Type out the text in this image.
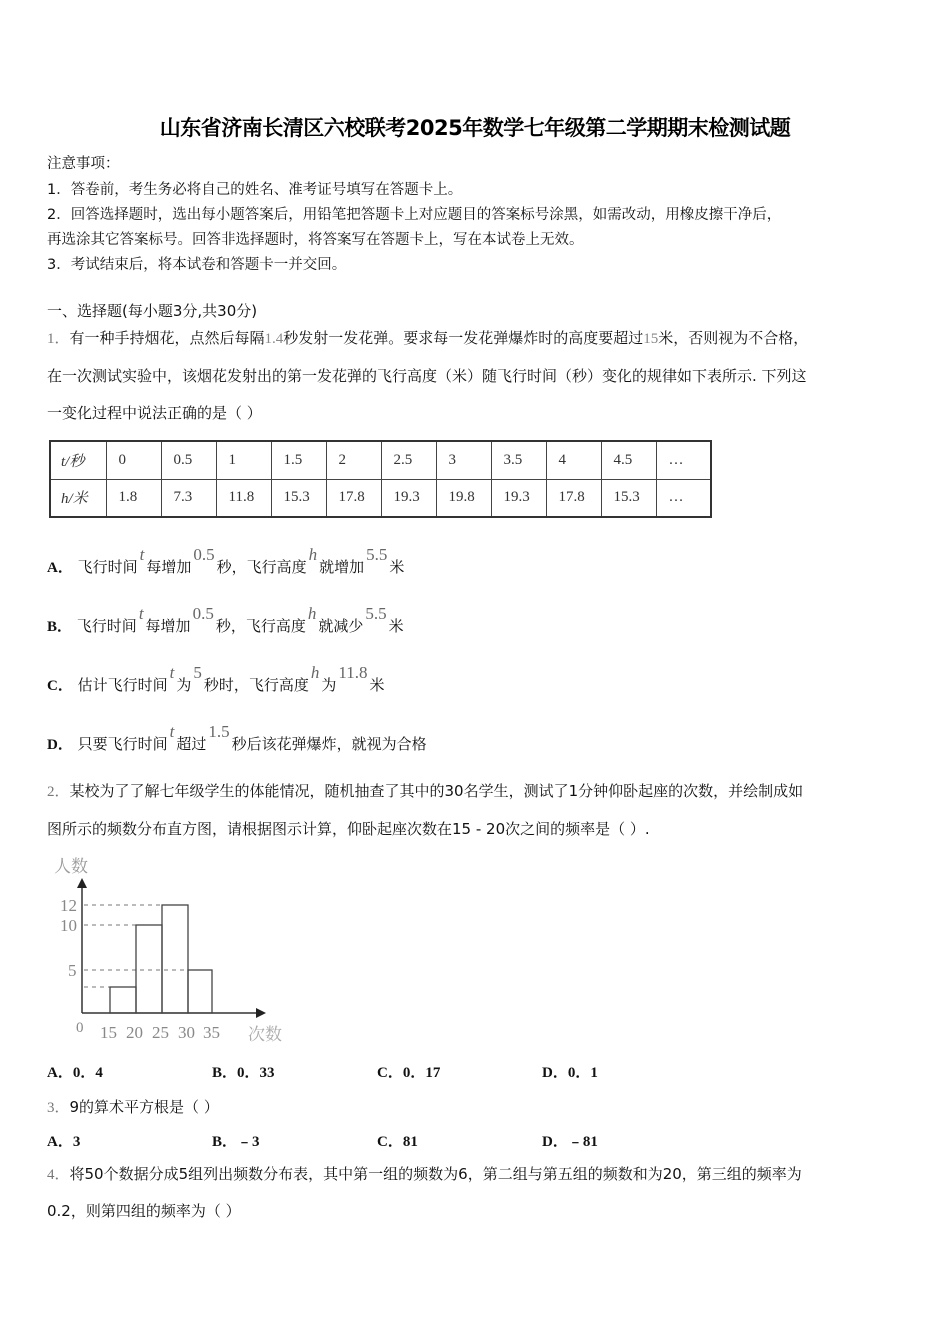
山东省济南长清区六校联考2025年数学七年级第二学期期末检测试题
注意事项：
1．答卷前，考生务必将自己的姓名、准考证号填写在答题卡上。
2．回答选择题时，选出每小题答案后，用铅笔把答题卡上对应题目的答案标号涂黑，如需改动，用橡皮擦干净后，
再选涂其它答案标号。回答非选择题时，将答案写在答题卡上，写在本试卷上无效。
3．考试结束后，将本试卷和答题卡一并交回。
一、选择题(每小题3分,共30分)
1．有一种手持烟花，点然后每隔1.4秒发射一发花弹。要求每一发花弹爆炸时的高度要超过15米，否则视为不合格，
在一次测试实验中，该烟花发射出的第一发花弹的飞行高度（米）随飞行时间（秒）变化的规律如下表所示. 下列这
一变化过程中说法正确的是（ ）
t/秒	0	0.5	1	1.5	2	2.5	3	3.5	4	4.5	…
h/米	1.8	7.3	11.8	15.3	17.8	19.3	19.8	19.3	17.8	15.3	…
A． 飞行时间t每增加0.5秒，飞行高度h就增加5.5米
B． 飞行时间t每增加0.5秒，飞行高度h就减少5.5米
C． 估计飞行时间t为5秒时，飞行高度h为11.8米
D． 只要飞行时间t超过1.5秒后该花弹爆炸，就视为合格
2．某校为了了解七年级学生的体能情况，随机抽查了其中的30名学生，测试了1分钟仰卧起座的次数，并绘制成如
图所示的频数分布直方图，请根据图示计算，仰卧起座次数在15 - 20次之间的频率是（ ）.
人数
12
10
5
0 15 20 25 30 35 次数
A．0．4	B．0．33	C．0．17	D．0．1
3．9的算术平方根是（ ）
A．3	B．﹣3	C．81	D．﹣81
4．将50个数据分成5组列出频数分布表，其中第一组的频数为6，第二组与第五组的频数和为20，第三组的频率为
0.2，则第四组的频率为（ ）
